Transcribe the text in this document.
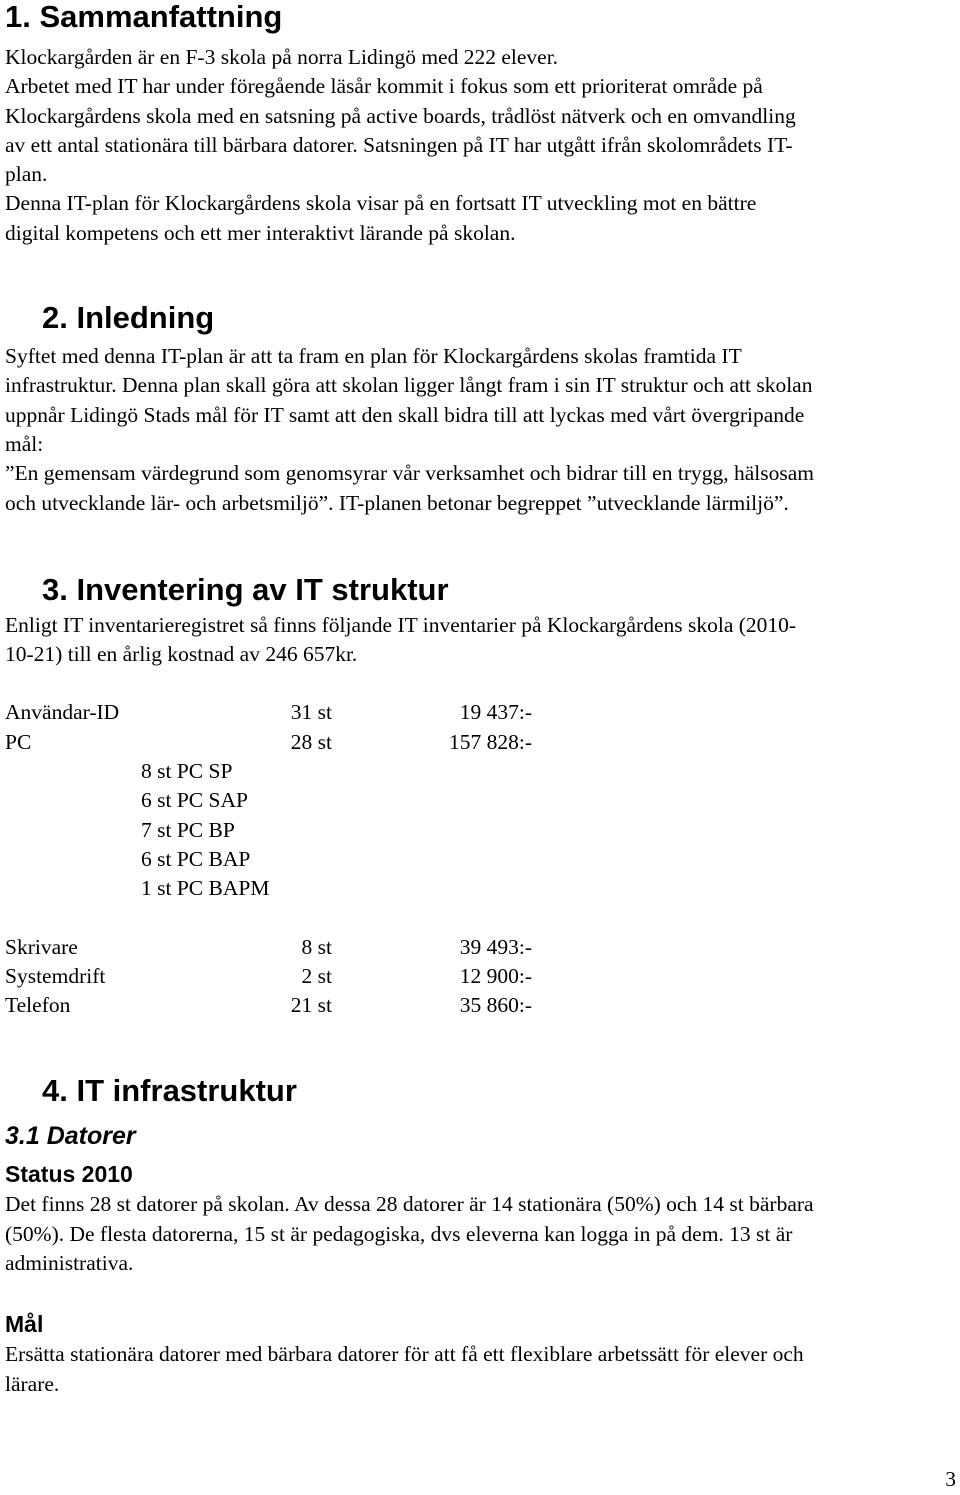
1. Sammanfattning

Klockargården är en F-3 skola på norra Lidingö med 222 elever.

Arbetet med IT har under föregående läsår kommit i fokus som ett prioriterat område på

Klockargårdens skola med en satsning på active boards, trådlöst nätverk och en omvandling

av ett antal stationära till bärbara datorer. Satsningen på IT har utgått ifrån skolområdets IT-

plan.

Denna IT-plan för Klockargårdens skola visar på en fortsatt IT utveckling mot en bättre

digital kompetens och ett mer interaktivt lärande på skolan.

2. Inledning

Syftet med denna IT-plan är att ta fram en plan för Klockargårdens skolas framtida IT

infrastruktur. Denna plan skall göra att skolan ligger långt fram i sin IT struktur och att skolan

uppnår Lidingö Stads mål för IT samt att den skall bidra till att lyckas med vårt övergripande

mål:

”En gemensam värdegrund som genomsyrar vår verksamhet och bidrar till en trygg, hälsosam

och utvecklande lär- och arbetsmiljö”. IT-planen betonar begreppet ”utvecklande lärmiljö”.

3. Inventering av IT struktur

Enligt IT inventarieregistret så finns följande IT inventarier på Klockargårdens skola (2010-

10-21) till en årlig kostnad av 246 657kr.

Användar-ID	31 st	19 437:-
PC	28 st	157 828:-
8 st PC SP
6 st PC SAP
7 st PC BP
6 st PC BAP
1 st PC BAPM
Skrivare	8 st	39 493:-
Systemdrift	2 st	12 900:-
Telefon	21 st	35 860:-
4. IT infrastruktur
3.1 Datorer
Status 2010

Det finns 28 st datorer på skolan. Av dessa 28 datorer är 14 stationära (50%) och 14 st bärbara

(50%). De flesta datorerna, 15 st är pedagogiska, dvs eleverna kan logga in på dem. 13 st är

administrativa.

Mål

Ersätta stationära datorer med bärbara datorer för att få ett flexiblare arbetssätt för elever och

lärare.

3
